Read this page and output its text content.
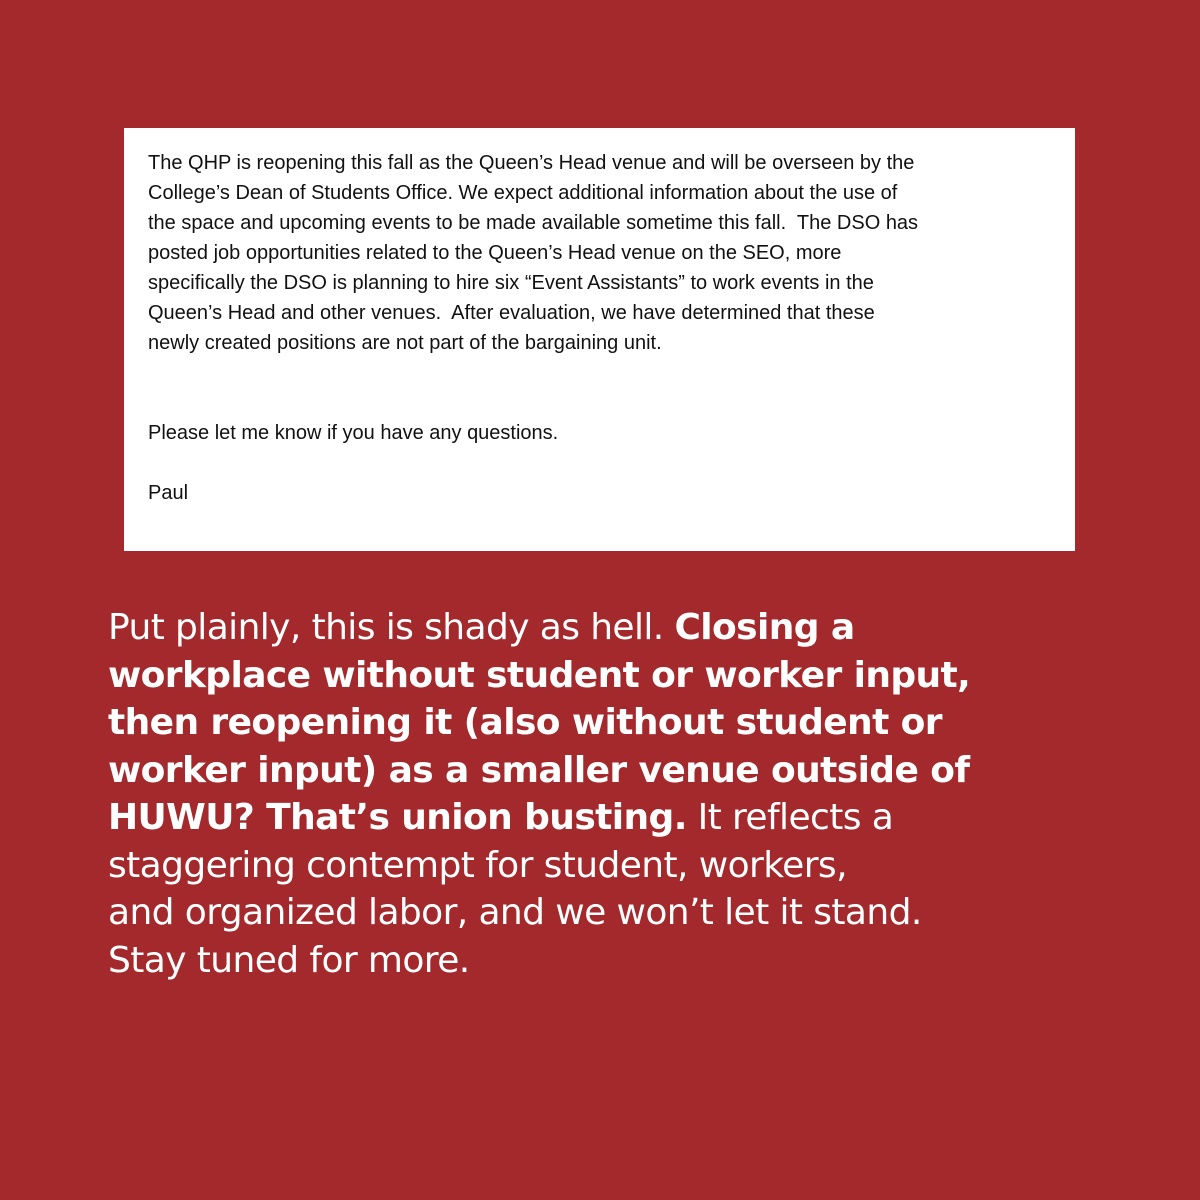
The QHP is reopening this fall as the Queen’s Head venue and will be overseen by the

College’s Dean of Students Office. We expect additional information about the use of

the space and upcoming events to be made available sometime this fall.  The DSO has

posted job opportunities related to the Queen’s Head venue on the SEO, more

specifically the DSO is planning to hire six “Event Assistants” to work events in the

Queen’s Head and other venues.  After evaluation, we have determined that these

newly created positions are not part of the bargaining unit.

Please let me know if you have any questions.

Paul

Put plainly, this is shady as hell. Closing a
workplace without student or worker input,
then reopening it (also without student or
worker input) as a smaller venue outside of
HUWU? That’s union busting. It reflects a
staggering contempt for student, workers,
and organized labor, and we won’t let it stand.
Stay tuned for more.
